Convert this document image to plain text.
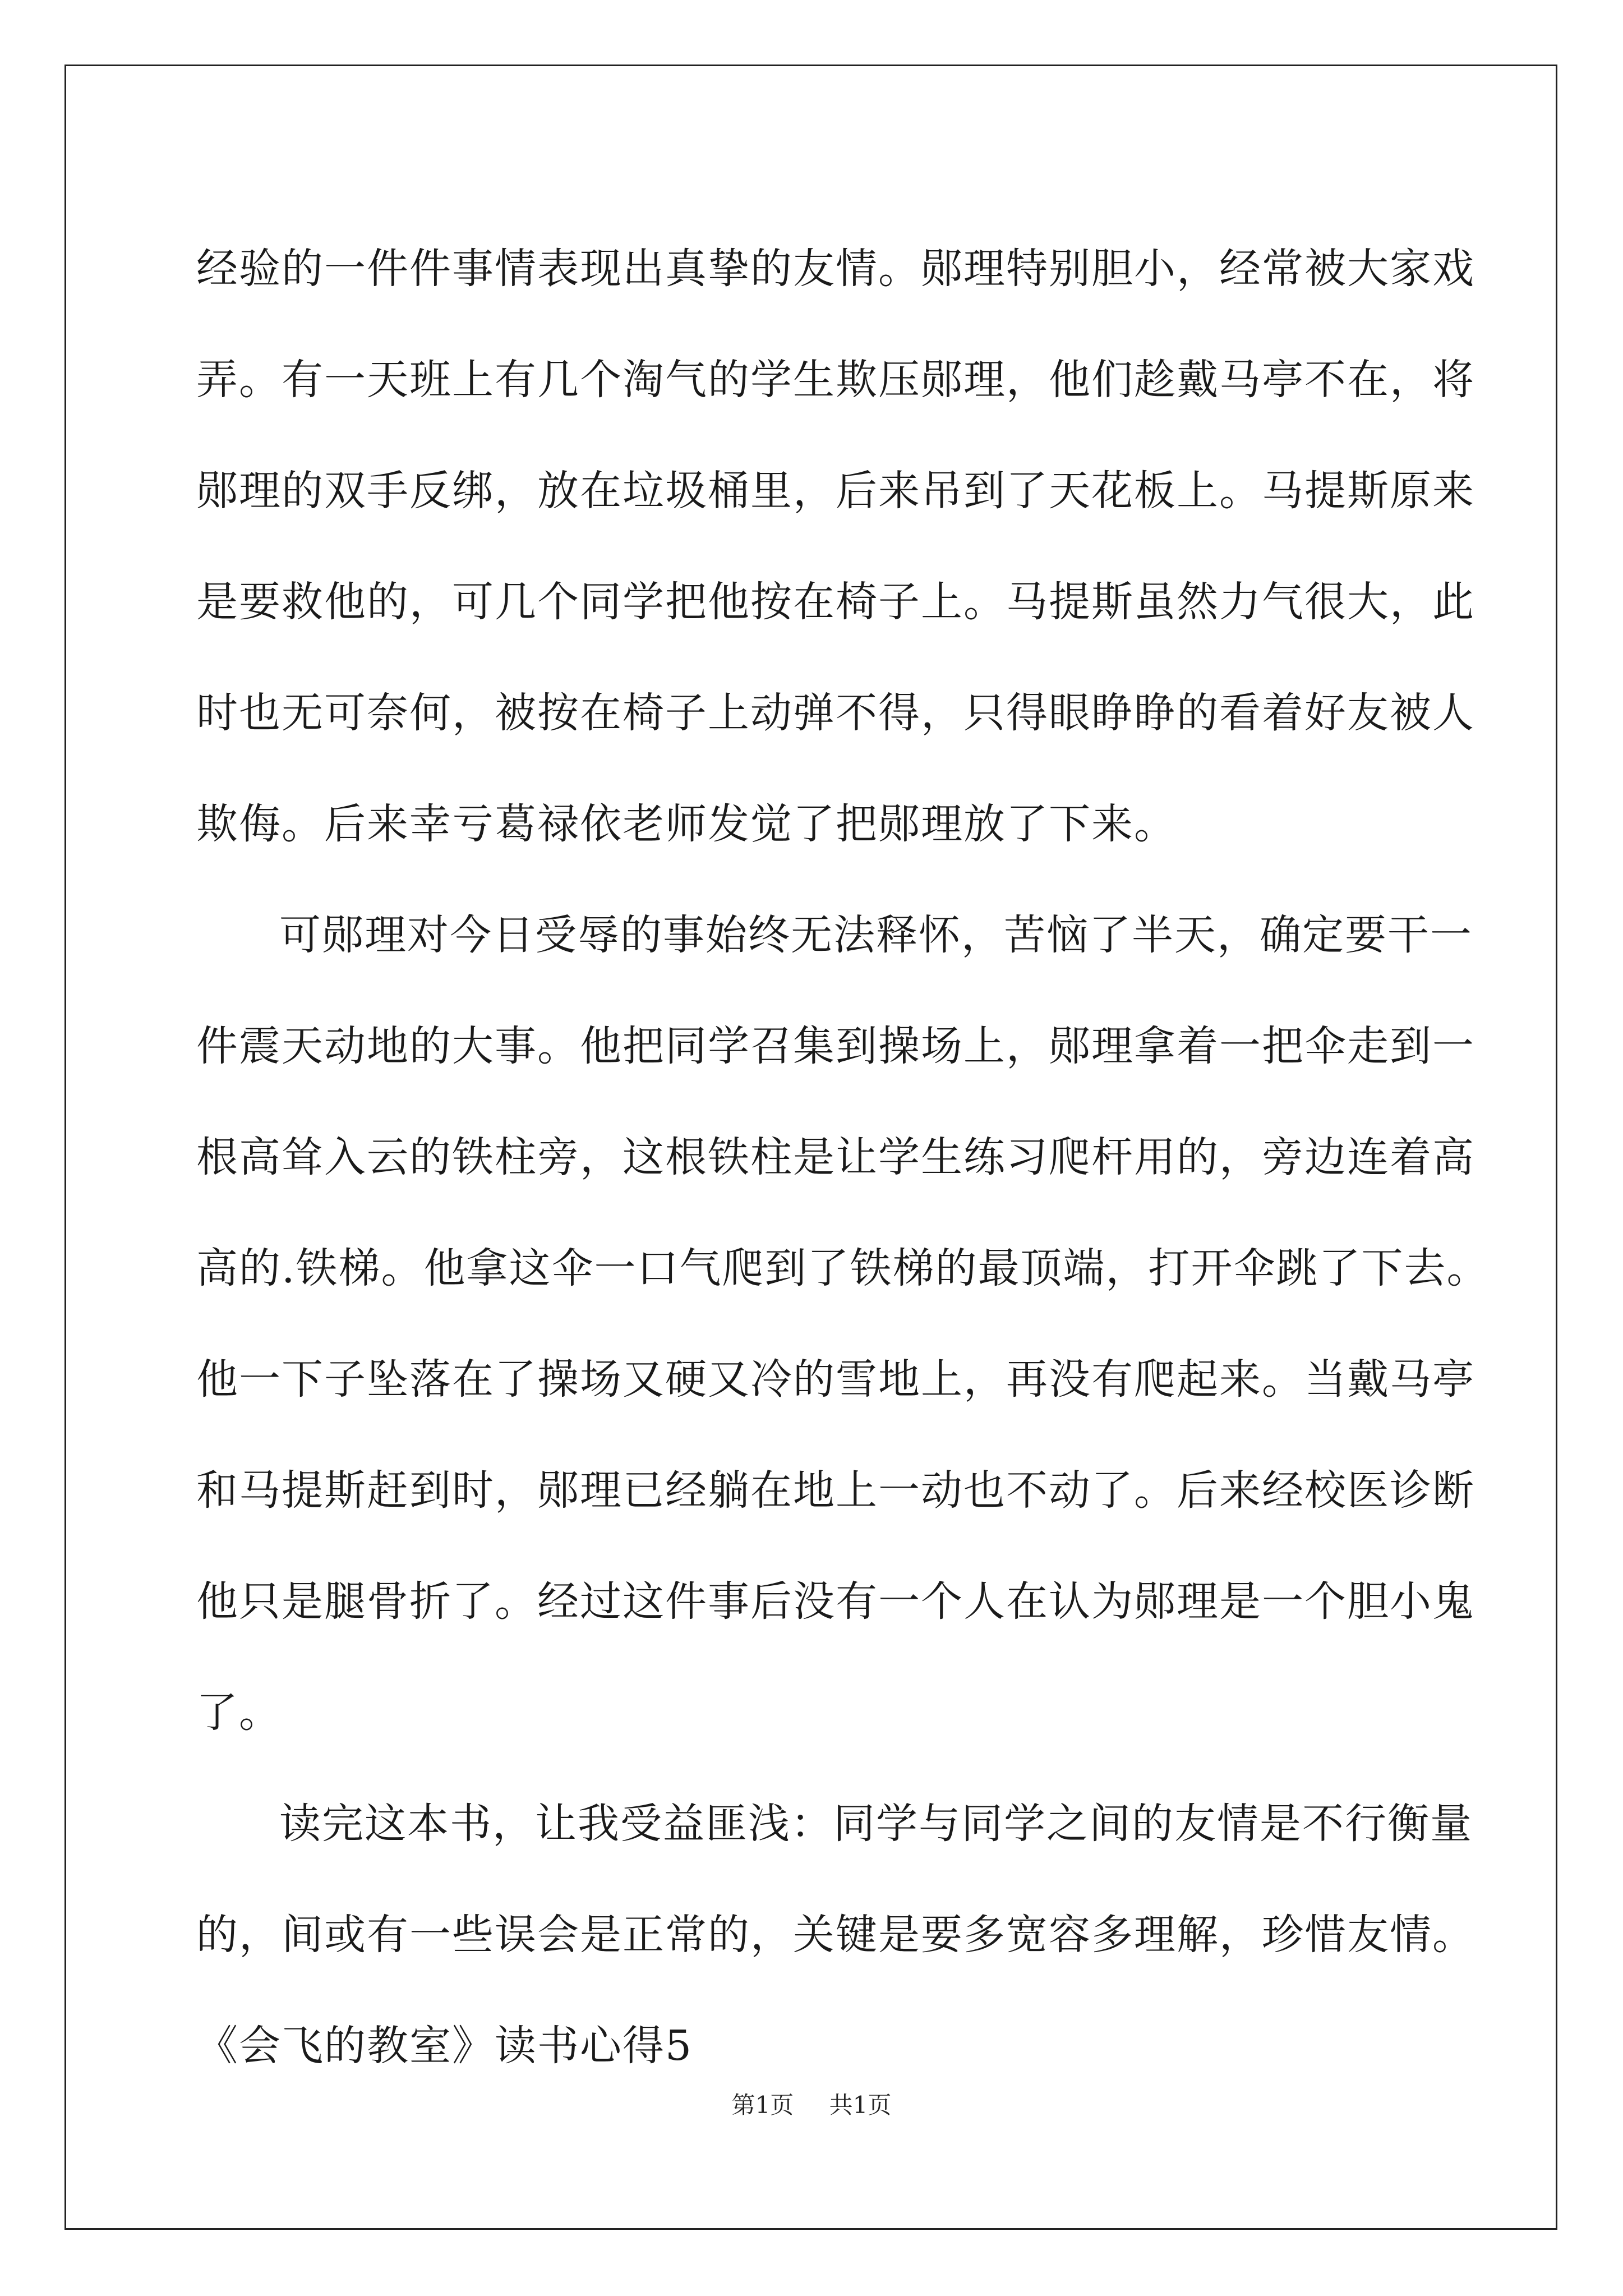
经验的一件件事情表现出真挚的友情。郧理特别胆小，经常被大家戏
弄。有一天班上有几个淘气的学生欺压郧理，他们趁戴马亭不在，将
郧理的双手反绑，放在垃圾桶里，后来吊到了天花板上。马提斯原来
是要救他的，可几个同学把他按在椅子上。马提斯虽然力气很大，此
时也无可奈何，被按在椅子上动弹不得，只得眼睁睁的看着好友被人
欺侮。后来幸亏葛禄依老师发觉了把郧理放了下来。
可郧理对今日受辱的事始终无法释怀，苦恼了半天，确定要干一
件震天动地的大事。他把同学召集到操场上，郧理拿着一把伞走到一
根高耸入云的铁柱旁，这根铁柱是让学生练习爬杆用的，旁边连着高
高的.铁梯。他拿这伞一口气爬到了铁梯的最顶端，打开伞跳了下去。
他一下子坠落在了操场又硬又冷的雪地上，再没有爬起来。当戴马亭
和马提斯赶到时，郧理已经躺在地上一动也不动了。后来经校医诊断
他只是腿骨折了。经过这件事后没有一个人在认为郧理是一个胆小鬼
了。
读完这本书，让我受益匪浅：同学与同学之间的友情是不行衡量
的，间或有一些误会是正常的，关键是要多宽容多理解，珍惜友情。
《会飞的教室》读书心得5
第1页 共1页
